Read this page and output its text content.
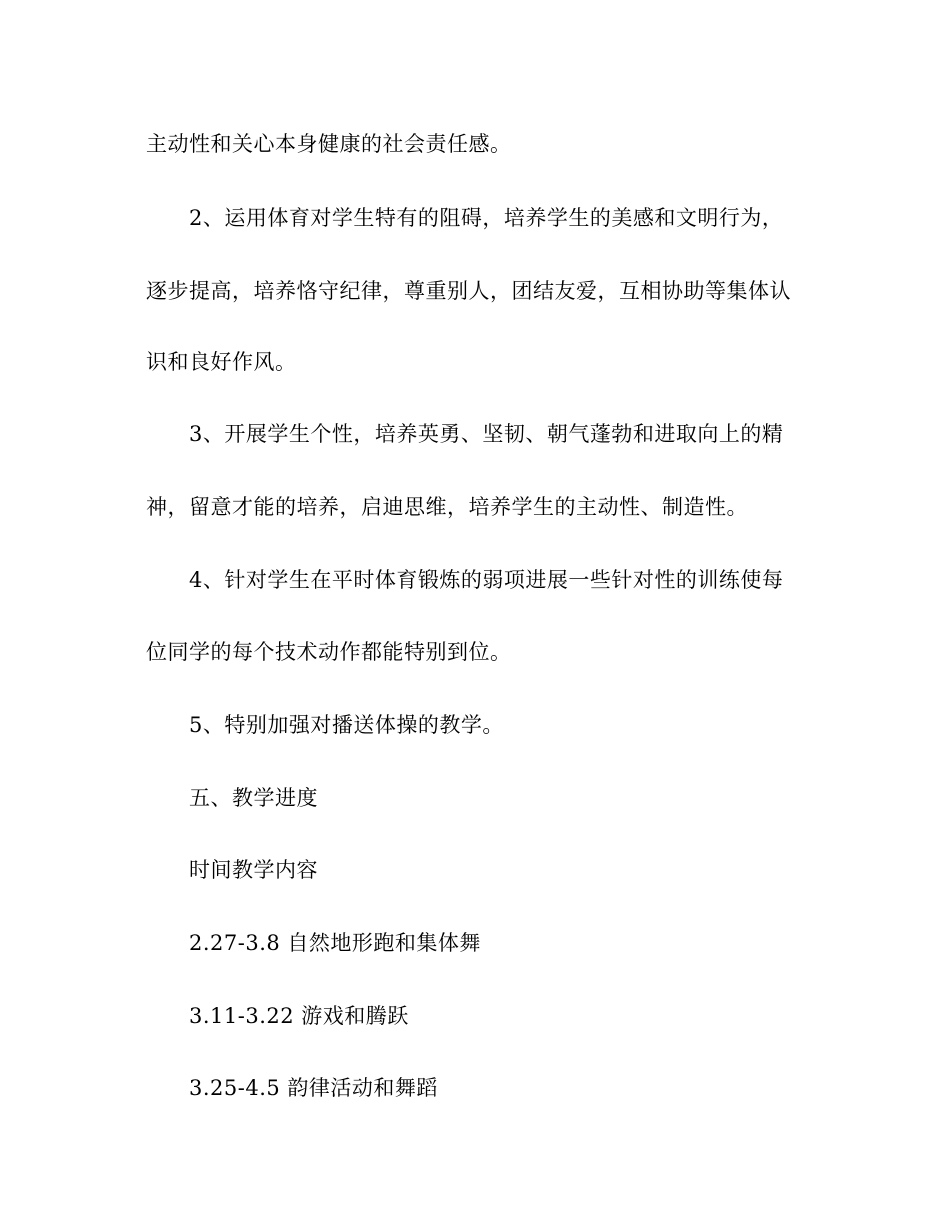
主动性和关心本身健康的社会责任感。
2、运用体育对学生特有的阻碍，培养学生的美感和文明行为，
逐步提高，培养恪守纪律，尊重别人，团结友爱，互相协助等集体认
识和良好作风。
3、开展学生个性，培养英勇、坚韧、朝气蓬勃和进取向上的精
神，留意才能的培养，启迪思维，培养学生的主动性、制造性。
4、针对学生在平时体育锻炼的弱项进展一些针对性的训练使每
位同学的每个技术动作都能特别到位。
5、特别加强对播送体操的教学。
五、教学进度
时间教学内容
2.27-3.8 自然地形跑和集体舞
3.11-3.22 游戏和腾跃
3.25-4.5 韵律活动和舞蹈
